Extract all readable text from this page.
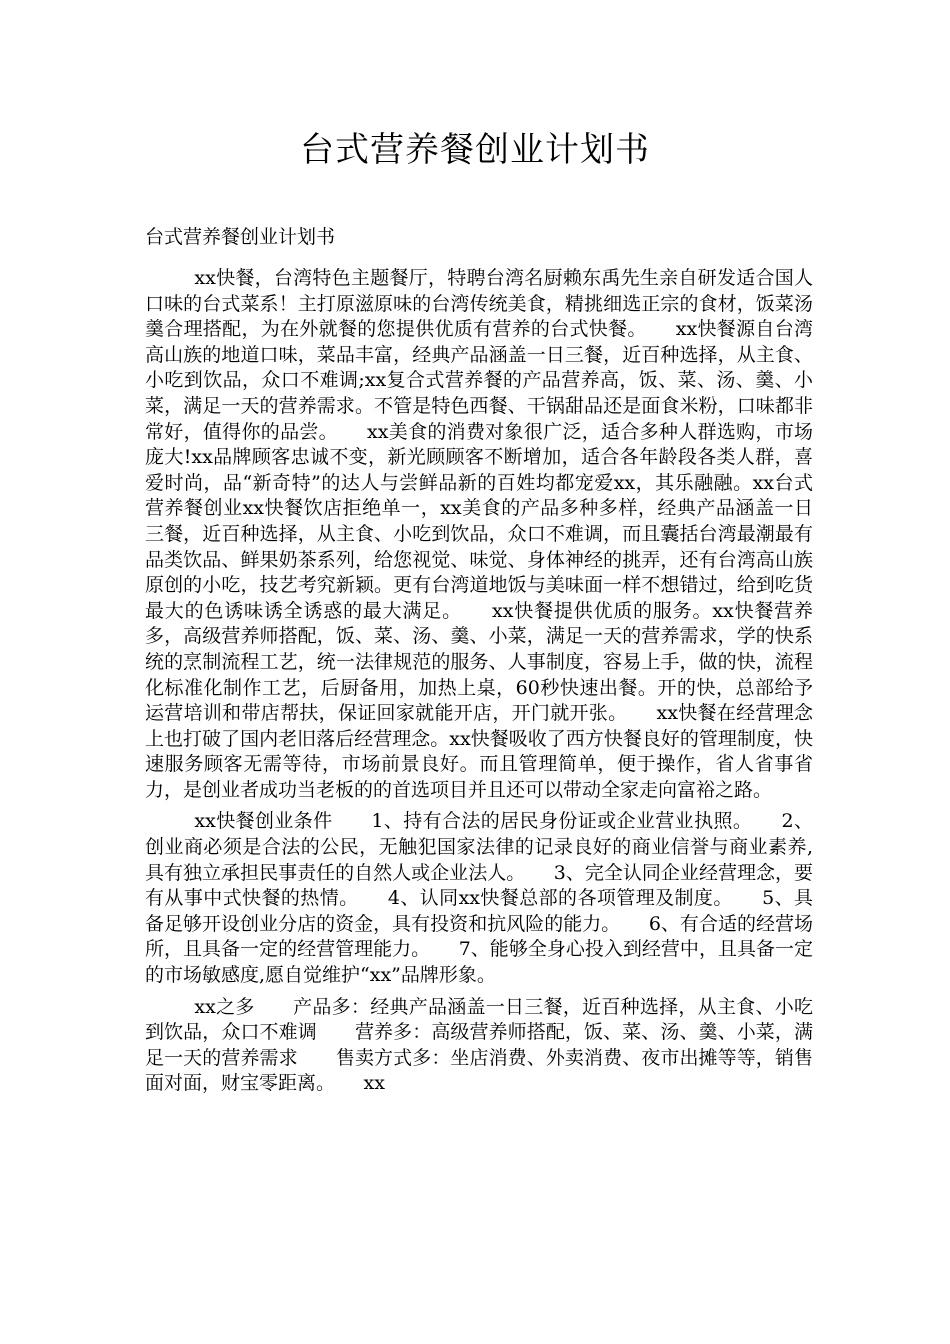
台式营养餐创业计划书

台式营养餐创业计划书

xx快餐，台湾特色主题餐厅，特聘台湾名厨赖东禹先生亲自研发适合国人口味的台式菜系！主打原滋原味的台湾传统美食，精挑细选正宗的食材，饭菜汤羹合理搭配，为在外就餐的您提供优质有营养的台式快餐。　　xx快餐源自台湾高山族的地道口味，菜品丰富，经典产品涵盖一日三餐，近百种选择，从主食、小吃到饮品，众口不难调;xx复合式营养餐的产品营养高，饭、菜、汤、羹、小菜，满足一天的营养需求。不管是特色西餐、干锅甜品还是面食米粉，口味都非常好，值得你的品尝。　　xx美食的消费对象很广泛，适合多种人群选购，市场庞大!xx品牌顾客忠诚不变，新光顾顾客不断增加，适合各年龄段各类人群，喜爱时尚，品“新奇特”的达人与尝鲜品新的百姓均都宠爱xx，其乐融融。xx台式营养餐创业xx快餐饮店拒绝单一，xx美食的产品多种多样，经典产品涵盖一日三餐，近百种选择，从主食、小吃到饮品，众口不难调，而且囊括台湾最潮最有品类饮品、鲜果奶茶系列，给您视觉、味觉、身体神经的挑弄，还有台湾高山族原创的小吃，技艺考究新颖。更有台湾道地饭与美味面一样不想错过，给到吃货最大的色诱味诱全诱惑的最大满足。　　xx快餐提供优质的服务。xx快餐营养多，高级营养师搭配，饭、菜、汤、羹、小菜，满足一天的营养需求，学的快系统的烹制流程工艺，统一法律规范的服务、人事制度，容易上手，做的快，流程化标准化制作工艺，后厨备用，加热上桌，60秒快速出餐。开的快，总部给予运营培训和带店帮扶，保证回家就能开店，开门就开张。　　xx快餐在经营理念上也打破了国内老旧落后经营理念。xx快餐吸收了西方快餐良好的管理制度，快速服务顾客无需等待，市场前景良好。而且管理简单，便于操作，省人省事省力，是创业者成功当老板的的首选项目并且还可以带动全家走向富裕之路。

xx快餐创业条件　　1、持有合法的居民身份证或企业营业执照。　　2、创业商必须是合法的公民，无触犯国家法律的记录良好的商业信誉与商业素养,具有独立承担民事责任的自然人或企业法人。　　3、完全认同企业经营理念，要有从事中式快餐的热情。　　4、认同xx快餐总部的各项管理及制度。　　5、具备足够开设创业分店的资金，具有投资和抗风险的能力。　　6、有合适的经营场所，且具备一定的经营管理能力。　　7、能够全身心投入到经营中，且具备一定的市场敏感度,愿自觉维护“xx”品牌形象。

xx之多　　产品多：经典产品涵盖一日三餐，近百种选择，从主食、小吃到饮品，众口不难调　　营养多：高级营养师搭配，饭、菜、汤、羹、小菜，满足一天的营养需求　　售卖方式多：坐店消费、外卖消费、夜市出摊等等，销售面对面，财宝零距离。　　xx
